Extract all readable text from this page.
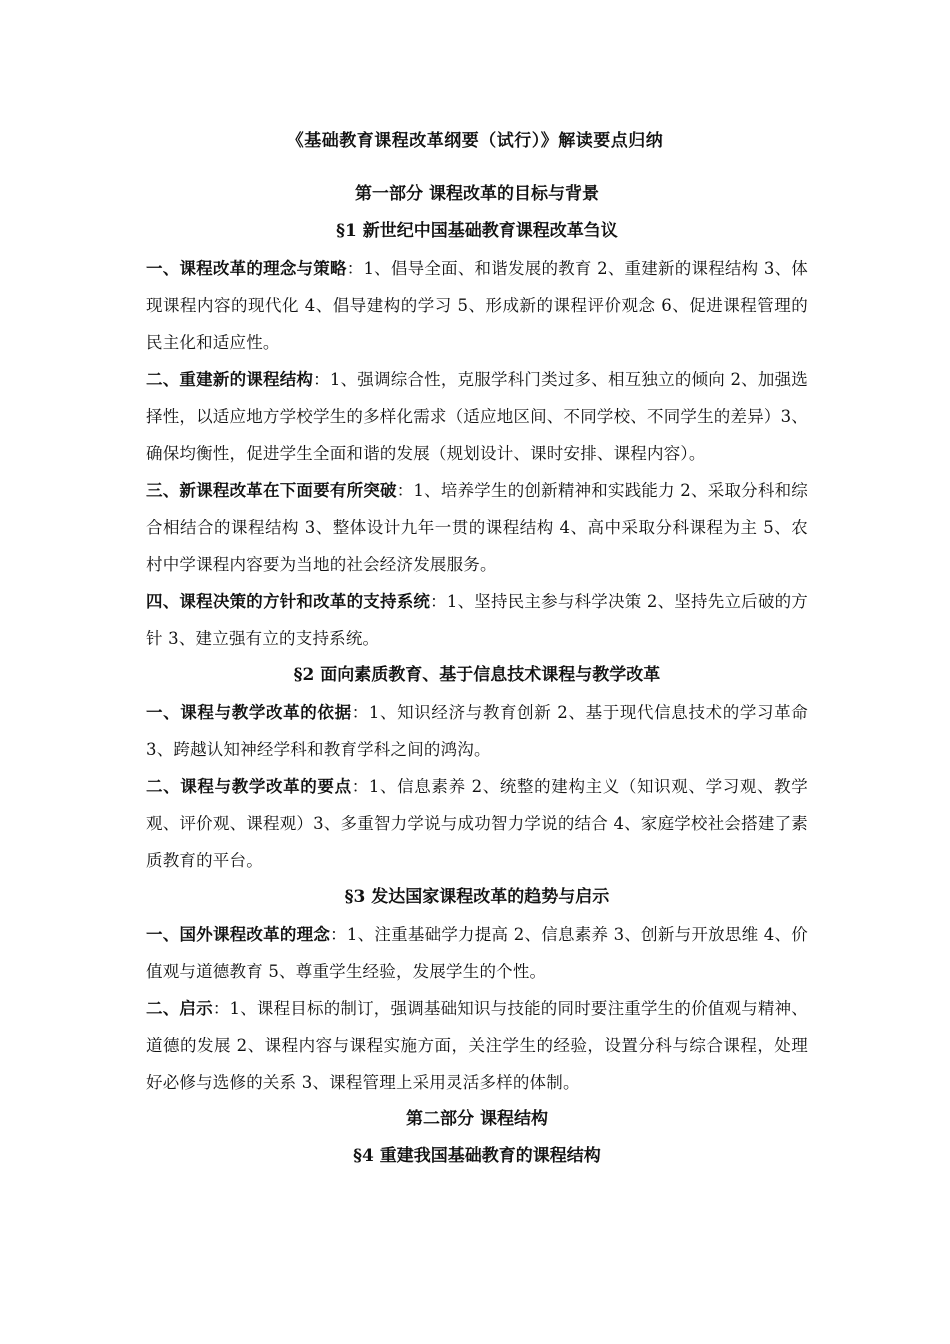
《基础教育课程改革纲要（试行）》解读要点归纳

第一部分 课程改革的目标与背景

§1 新世纪中国基础教育课程改革刍议

一、课程改革的理念与策略：1、倡导全面、和谐发展的教育 2、重建新的课程结构 3、体现课程内容的现代化 4、倡导建构的学习 5、形成新的课程评价观念 6、促进课程管理的民主化和适应性。

二、重建新的课程结构：1、强调综合性，克服学科门类过多、相互独立的倾向 2、加强选择性，以适应地方学校学生的多样化需求（适应地区间、不同学校、不同学生的差异）3、确保均衡性，促进学生全面和谐的发展（规划设计、课时安排、课程内容）。

三、新课程改革在下面要有所突破：1、培养学生的创新精神和实践能力 2、采取分科和综合相结合的课程结构 3、整体设计九年一贯的课程结构 4、高中采取分科课程为主 5、农村中学课程内容要为当地的社会经济发展服务。

四、课程决策的方针和改革的支持系统：1、坚持民主参与科学决策 2、坚持先立后破的方针 3、建立强有立的支持系统。

§2 面向素质教育、基于信息技术课程与教学改革

一、课程与教学改革的依据：1、知识经济与教育创新 2、基于现代信息技术的学习革命 3、跨越认知神经学科和教育学科之间的鸿沟。

二、课程与教学改革的要点：1、信息素养 2、统整的建构主义（知识观、学习观、教学观、评价观、课程观）3、多重智力学说与成功智力学说的结合 4、家庭学校社会搭建了素质教育的平台。

§3 发达国家课程改革的趋势与启示

一、国外课程改革的理念：1、注重基础学力提高 2、信息素养 3、创新与开放思维 4、价值观与道德教育 5、尊重学生经验，发展学生的个性。

二、启示：1、课程目标的制订，强调基础知识与技能的同时要注重学生的价值观与精神、道德的发展 2、课程内容与课程实施方面，关注学生的经验，设置分科与综合课程，处理好必修与选修的关系 3、课程管理上采用灵活多样的体制。

第二部分 课程结构

§4 重建我国基础教育的课程结构
